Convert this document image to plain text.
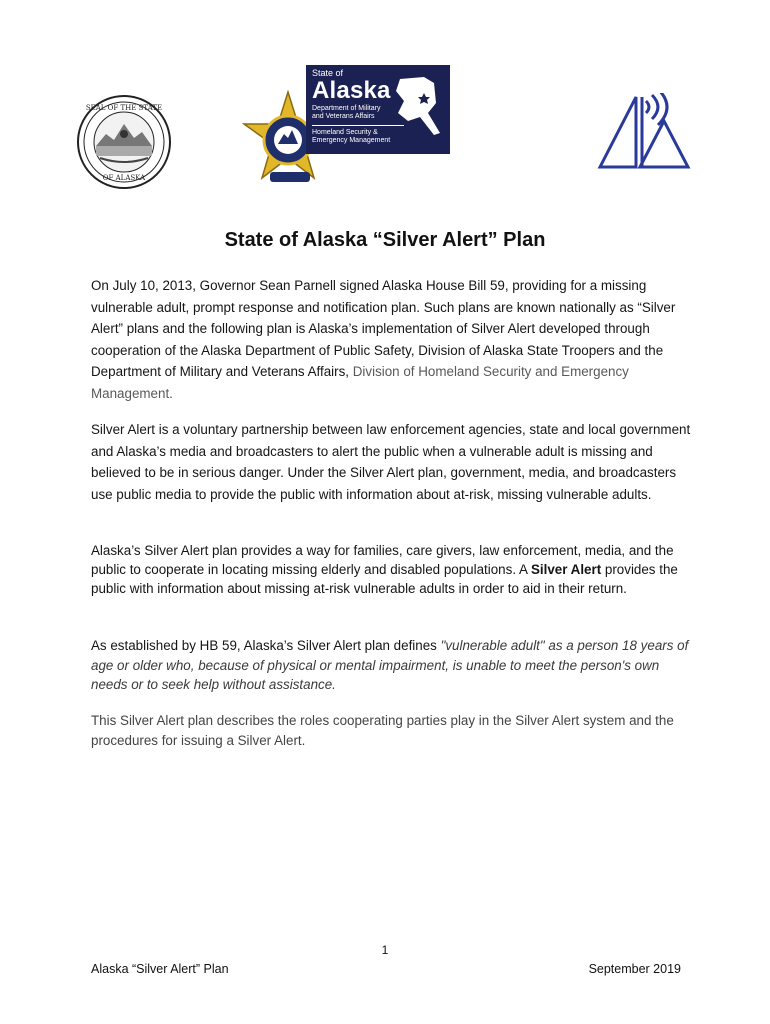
SEAL OF THE STATE
OF ALASKA
State of
Alaska
Department of Military
and Veterans Affairs
Homeland Security &
Emergency Management
State of Alaska “Silver Alert” Plan

On July 10, 2013, Governor Sean Parnell signed Alaska House Bill 59, providing for a missing vulnerable adult, prompt response and notification plan. Such plans are known nationally as “Silver Alert” plans and the following plan is Alaska’s implementation of Silver Alert developed through cooperation of the Alaska Department of Public Safety, Division of Alaska State Troopers and the Department of Military and Veterans Affairs, Division of Homeland Security and Emergency Management.

Silver Alert is a voluntary partnership between law enforcement agencies, state and local government and Alaska’s media and broadcasters to alert the public when a vulnerable adult is missing and believed to be in serious danger. Under the Silver Alert plan, government, media, and broadcasters use public media to provide the public with information about at-risk, missing vulnerable adults.

Alaska’s Silver Alert plan provides a way for families, care givers, law enforcement, media, and the public to cooperate in locating missing elderly and disabled populations. A Silver Alert provides the public with information about missing at-risk vulnerable adults in order to aid in their return.

As established by HB 59, Alaska’s Silver Alert plan defines "vulnerable adult" as a person 18 years of age or older who, because of physical or mental impairment, is unable to meet the person's own needs or to seek help without assistance.

This Silver Alert plan describes the roles cooperating parties play in the Silver Alert system and the procedures for issuing a Silver Alert.

1
Alaska “Silver Alert” Plan	September 2019
